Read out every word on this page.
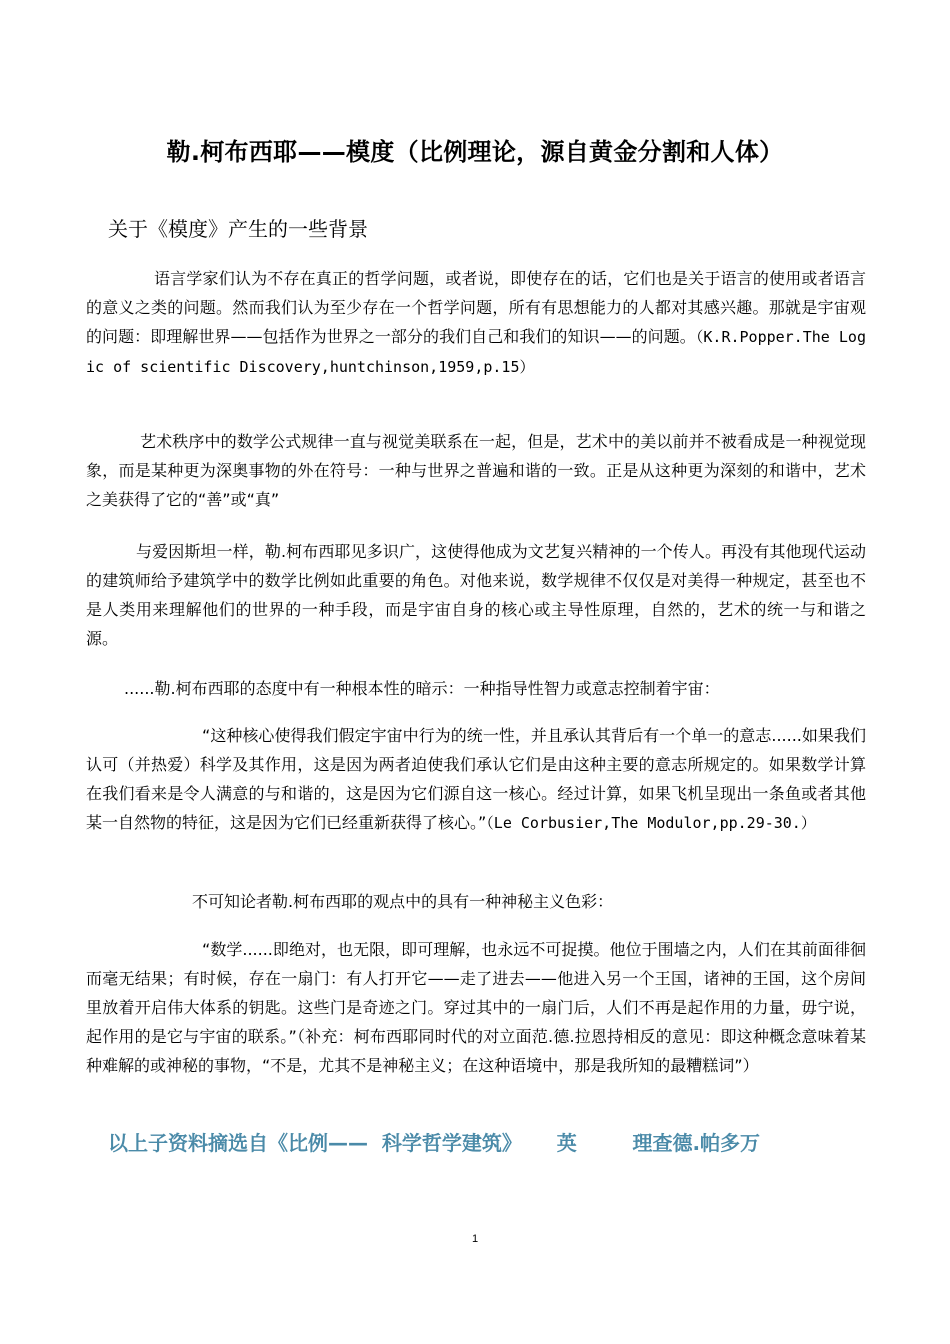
勒.柯布西耶——模度（比例理论，源自黄金分割和人体）
关于《模度》产生的一些背景
语言学家们认为不存在真正的哲学问题，或者说，即使存在的话，它们也是关于语言的使用或者语言的意义之类的问题。然而我们认为至少存在一个哲学问题，所有有思想能力的人都对其感兴趣。那就是宇宙观的问题：即理解世界——包括作为世界之一部分的我们自己和我们的知识——的问题。（K.R.Popper.The Logic of scientific Discovery,huntchinson,1959,p.15）
艺术秩序中的数学公式规律一直与视觉美联系在一起，但是，艺术中的美以前并不被看成是一种视觉现象，而是某种更为深奥事物的外在符号：一种与世界之普遍和谐的一致。正是从这种更为深刻的和谐中，艺术之美获得了它的“善”或“真”
与爱因斯坦一样，勒.柯布西耶见多识广，这使得他成为文艺复兴精神的一个传人。再没有其他现代运动的建筑师给予建筑学中的数学比例如此重要的角色。对他来说，数学规律不仅仅是对美得一种规定，甚至也不是人类用来理解他们的世界的一种手段，而是宇宙自身的核心或主导性原理，自然的，艺术的统一与和谐之源。
......勒.柯布西耶的态度中有一种根本性的暗示：一种指导性智力或意志控制着宇宙：
“这种核心使得我们假定宇宙中行为的统一性，并且承认其背后有一个单一的意志......如果我们认可（并热爱）科学及其作用，这是因为两者迫使我们承认它们是由这种主要的意志所规定的。如果数学计算在我们看来是令人满意的与和谐的，这是因为它们源自这一核心。经过计算，如果飞机呈现出一条鱼或者其他某一自然物的特征，这是因为它们已经重新获得了核心。”（Le Corbusier,The Modulor,pp.29-30.）
不可知论者勒.柯布西耶的观点中的具有一种神秘主义色彩：
“数学......即绝对，也无限，即可理解，也永远不可捉摸。他位于围墙之内，人们在其前面徘徊而毫无结果；有时候，存在一扇门：有人打开它——走了进去——他进入另一个王国，诸神的王国，这个房间里放着开启伟大体系的钥匙。这些门是奇迹之门。穿过其中的一扇门后，人们不再是起作用的力量，毋宁说，起作用的是它与宇宙的联系。”（补充：柯布西耶同时代的对立面范.德.拉恩持相反的意见：即这种概念意味着某种难解的或神秘的事物，“不是，尤其不是神秘主义；在这种语境中，那是我所知的最糟糕词”）
以上子资料摘选自《比例——  科学哲学建筑》     英        理查德.帕多万
1
